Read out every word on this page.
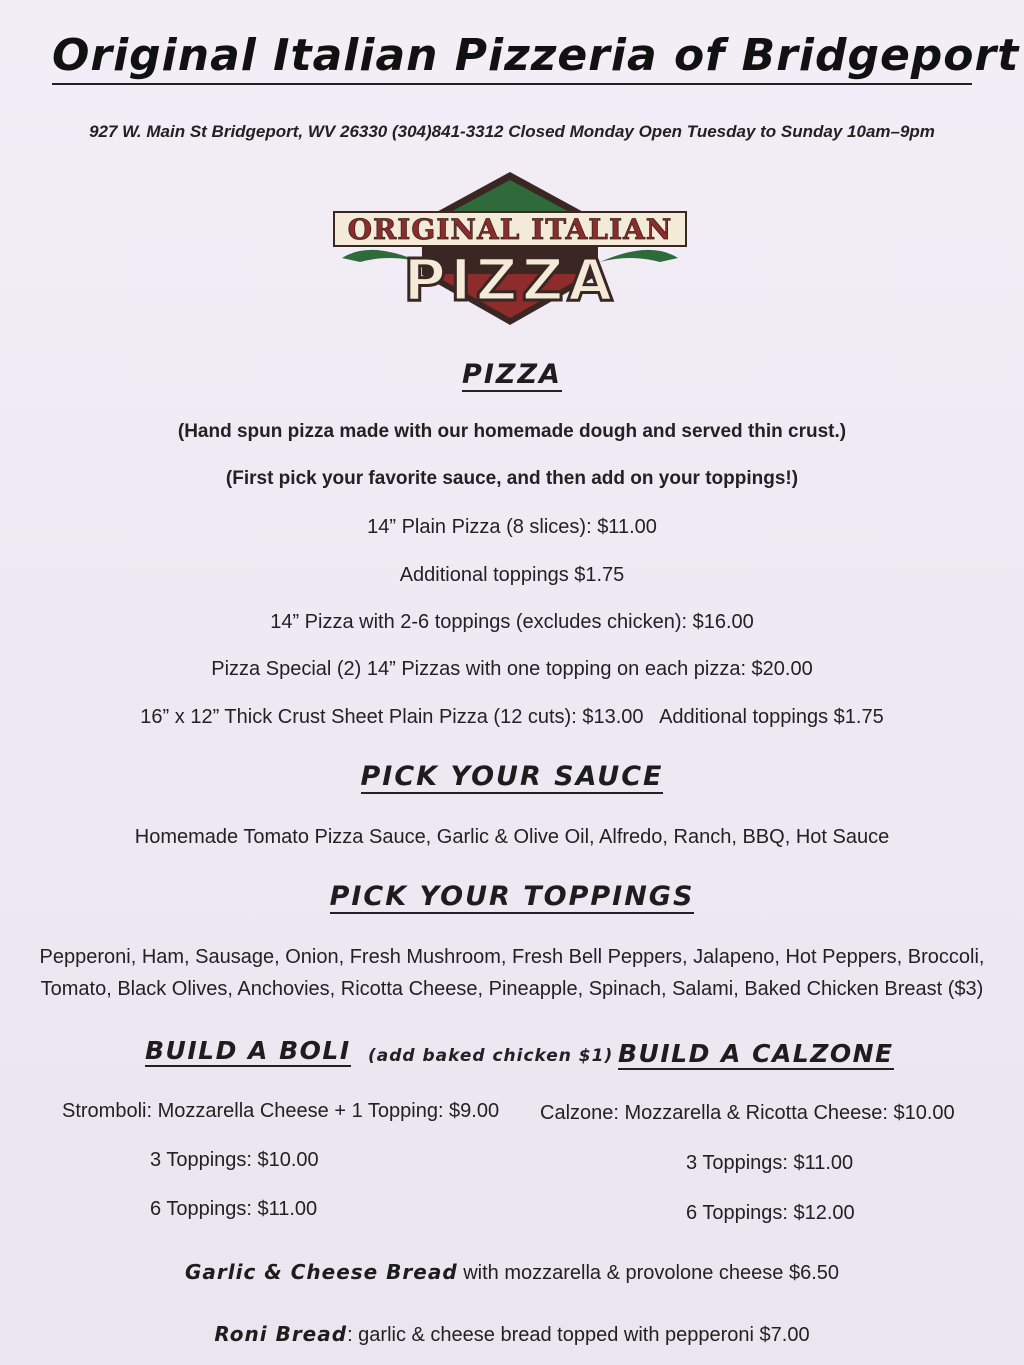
Original Italian Pizzeria of Bridgeport
927 W. Main St Bridgeport, WV 26330 (304)841-3312 Closed Monday Open Tuesday to Sunday 10am–9pm
ORIGINAL ITALIAN
PIZZA
PIZZA
(Hand spun pizza made with our homemade dough and served thin crust.)
(First pick your favorite sauce, and then add on your toppings!)
14” Plain Pizza (8 slices): $11.00
Additional toppings $1.75
14” Pizza with 2-6 toppings (excludes chicken): $16.00
Pizza Special (2) 14” Pizzas with one topping on each pizza: $20.00
16” x 12” Thick Crust Sheet Plain Pizza (12 cuts): $13.00   Additional toppings $1.75
PICK YOUR SAUCE
Homemade Tomato Pizza Sauce, Garlic & Olive Oil, Alfredo, Ranch, BBQ, Hot Sauce
PICK YOUR TOPPINGS
Pepperoni, Ham, Sausage, Onion, Fresh Mushroom, Fresh Bell Peppers, Jalapeno, Hot Peppers, Broccoli,
Tomato, Black Olives, Anchovies, Ricotta Cheese, Pineapple, Spinach, Salami, Baked Chicken Breast ($3)
BUILD A BOLI (add baked chicken $1) BUILD A CALZONE
Stromboli: Mozzarella Cheese + 1 Topping: $9.00
3 Toppings: $10.00
6 Toppings: $11.00
Calzone: Mozzarella & Ricotta Cheese: $10.00
3 Toppings: $11.00
6 Toppings: $12.00
Garlic & Cheese Bread with mozzarella & provolone cheese $6.50
Roni Bread: garlic & cheese bread topped with pepperoni $7.00
